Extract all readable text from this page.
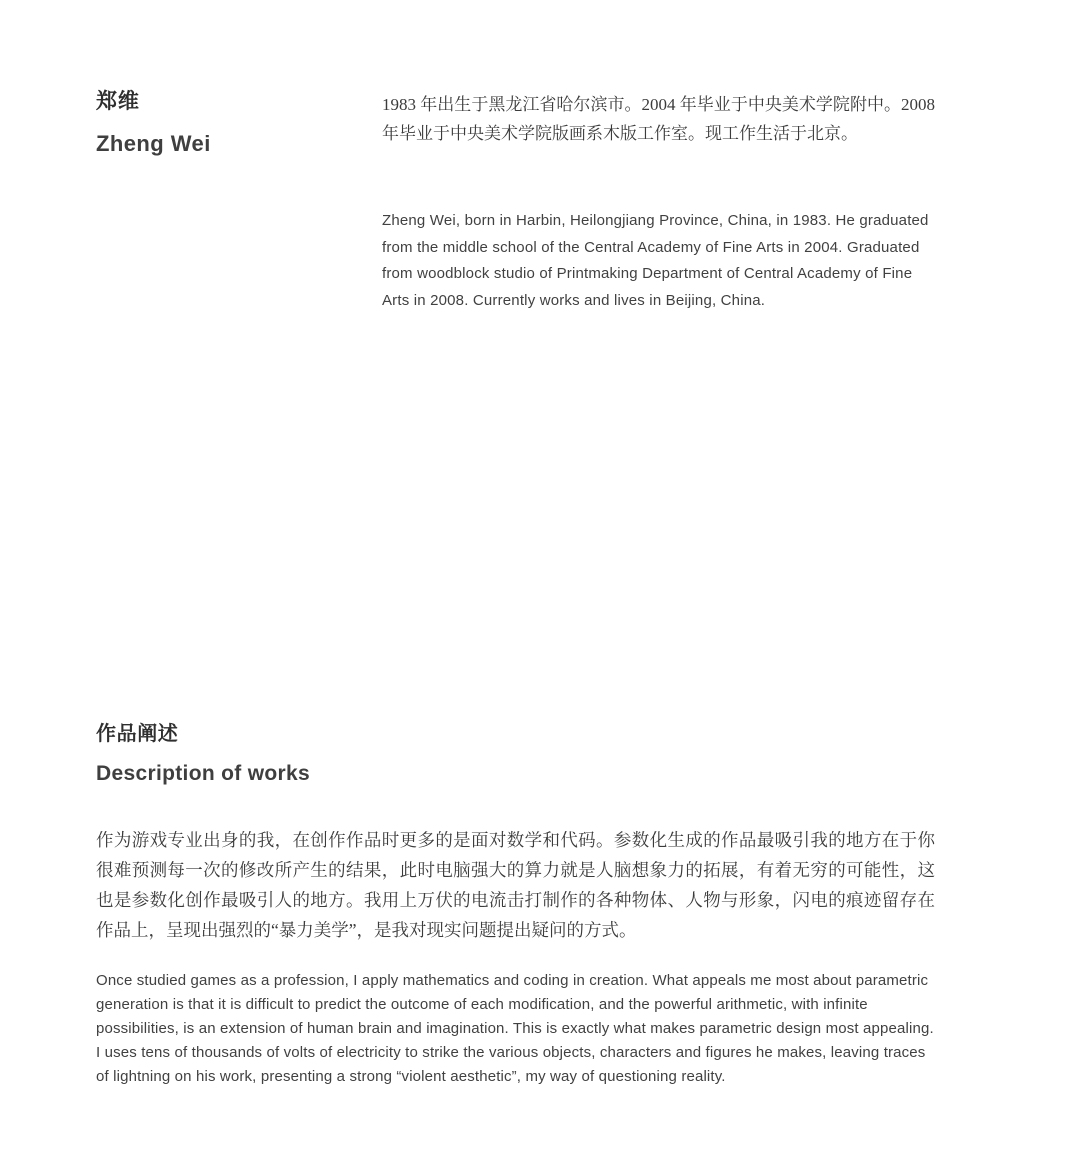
郑维
Zheng Wei

1983 年出生于黑龙江省哈尔滨市。2004 年毕业于中央美术学院附中。2008 年毕业于中央美术学院版画系木版工作室。现工作生活于北京。

Zheng Wei, born in Harbin, Heilongjiang Province, China, in 1983. He graduated from the middle school of the Central Academy of Fine Arts in 2004. Graduated from woodblock studio of Printmaking Department of Central Academy of Fine Arts in 2008. Currently works and lives in Beijing, China.

作品阐述
Description of works

作为游戏专业出身的我，在创作作品时更多的是面对数学和代码。参数化生成的作品最吸引我的地方在于你很难预测每一次的修改所产生的结果，此时电脑强大的算力就是人脑想象力的拓展，有着无穷的可能性，这也是参数化创作最吸引人的地方。我用上万伏的电流击打制作的各种物体、人物与形象，闪电的痕迹留存在作品上，呈现出强烈的“暴力美学”，是我对现实问题提出疑问的方式。

Once studied games as a profession, I apply mathematics and coding in creation. What appeals me most about parametric generation is that it is difficult to predict the outcome of each modification, and the powerful arithmetic, with infinite possibilities, is an extension of human brain and imagination. This is exactly what makes parametric design most appealing. I uses tens of thousands of volts of electricity to strike the various objects, characters and figures he makes, leaving traces of lightning on his work, presenting a strong “violent aesthetic”, my way of questioning reality.
